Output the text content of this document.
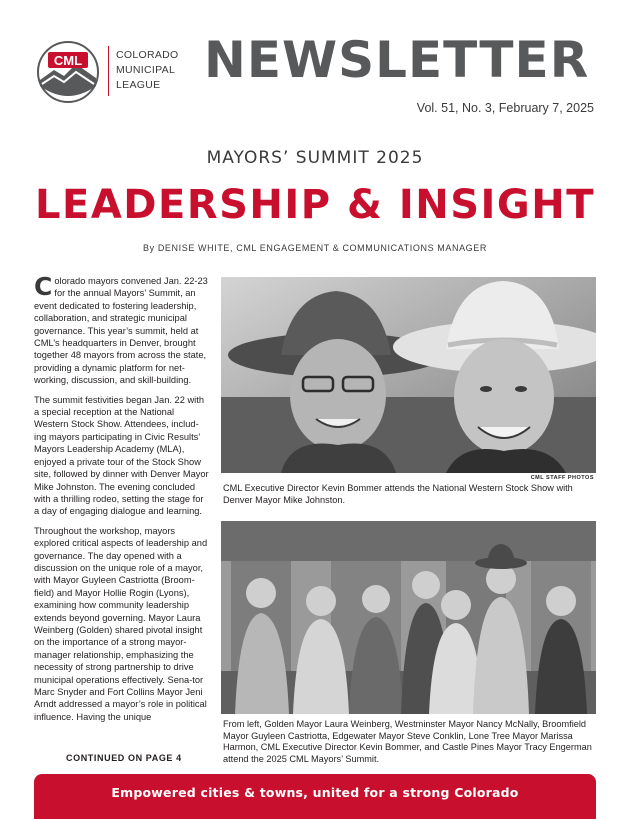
CML	COLORADO
MUNICIPAL
LEAGUE NEWSLETTER
Vol. 51, No. 3, February 7, 2025
MAYORS’ SUMMIT 2025
LEADERSHIP & INSIGHT
By DENISE WHITE, CML ENGAGEMENT & COMMUNICATIONS MANAGER

Colorado mayors convened Jan. 22-23 for the annual Mayors’ Summit, an event dedicated to fostering leadership, collaboration, and strategic municipal governance. This year’s summit, held at CML’s headquarters in Denver, brought together 48 mayors from across the state, providing a dynamic platform for net-working, discussion, and skill-building.

The summit festivities began Jan. 22 with a special reception at the National Western Stock Show. Attendees, includ-ing mayors participating in Civic Results’ Mayors Leadership Academy (MLA), enjoyed a private tour of the Stock Show site, followed by dinner with Denver Mayor Mike Johnston. The evening concluded with a thrilling rodeo, setting the stage for a day of engaging dialogue and learning.

Throughout the workshop, mayors explored critical aspects of leadership and governance. The day opened with a discussion on the unique role of a mayor, with Mayor Guyleen Castriotta (Broom-field) and Mayor Hollie Rogin (Lyons), examining how community leadership extends beyond governing. Mayor Laura Weinberg (Golden) shared pivotal insight on the importance of a strong mayor-manager relationship, emphasizing the necessity of strong partnership to drive municipal operations effectively. Sena-tor Marc Snyder and Fort Collins Mayor Jeni Arndt addressed a mayor’s role in political influence. Having the unique

CONTINUED ON PAGE 4
CML STAFF PHOTOS
CML Executive Director Kevin Bommer attends the National Western Stock Show with Denver Mayor Mike Johnston.
From left, Golden Mayor Laura Weinberg, Westminster Mayor Nancy McNally, Broomfield Mayor Guyleen Castriotta, Edgewater Mayor Steve Conklin, Lone Tree Mayor Marissa Harmon, CML Executive Director Kevin Bommer, and Castle Pines Mayor Tracy Engerman attend the 2025 CML Mayors’ Summit.
Empowered cities & towns, united for a strong Colorado
